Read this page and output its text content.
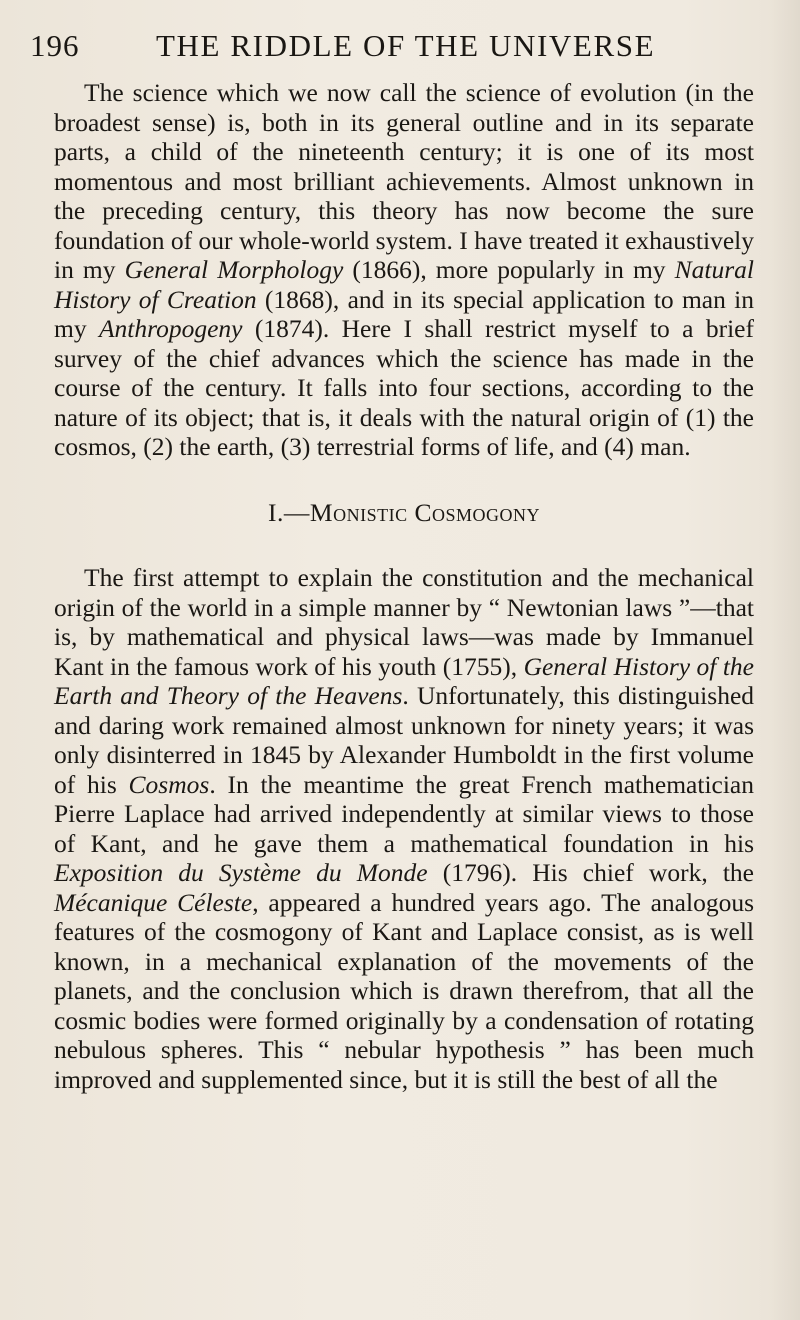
196 THE RIDDLE OF THE UNIVERSE

The science which we now call the science of evolution (in the broadest sense) is, both in its general outline and in its separate parts, a child of the nineteenth century; it is one of its most momentous and most brilliant achievements. Almost unknown in the preceding century, this theory has now become the sure foundation of our whole-world system. I have treated it exhaustively in my General Morphology (1866), more popularly in my Natural History of Creation (1868), and in its special application to man in my Anthropogeny (1874). Here I shall restrict myself to a brief survey of the chief advances which the science has made in the course of the century. It falls into four sections, according to the nature of its object; that is, it deals with the natural origin of (1) the cosmos, (2) the earth, (3) terrestrial forms of life, and (4) man.

I.—Monistic Cosmogony

The first attempt to explain the constitution and the mechanical origin of the world in a simple manner by “ Newtonian laws ”—that is, by mathematical and physical laws—was made by Immanuel Kant in the famous work of his youth (1755), General History of the Earth and Theory of the Heavens. Unfortunately, this distinguished and daring work remained almost unknown for ninety years; it was only disinterred in 1845 by Alexander Humboldt in the first volume of his Cosmos. In the meantime the great French mathematician Pierre Laplace had arrived independently at similar views to those of Kant, and he gave them a mathematical foundation in his Exposition du Système du Monde (1796). His chief work, the Mécanique Céleste, appeared a hundred years ago. The analogous features of the cosmogony of Kant and Laplace consist, as is well known, in a mechanical explanation of the movements of the planets, and the conclusion which is drawn therefrom, that all the cosmic bodies were formed originally by a condensation of rotating nebulous spheres. This “ nebular hypothesis ” has been much improved and supplemented since, but it is still the best of all the
